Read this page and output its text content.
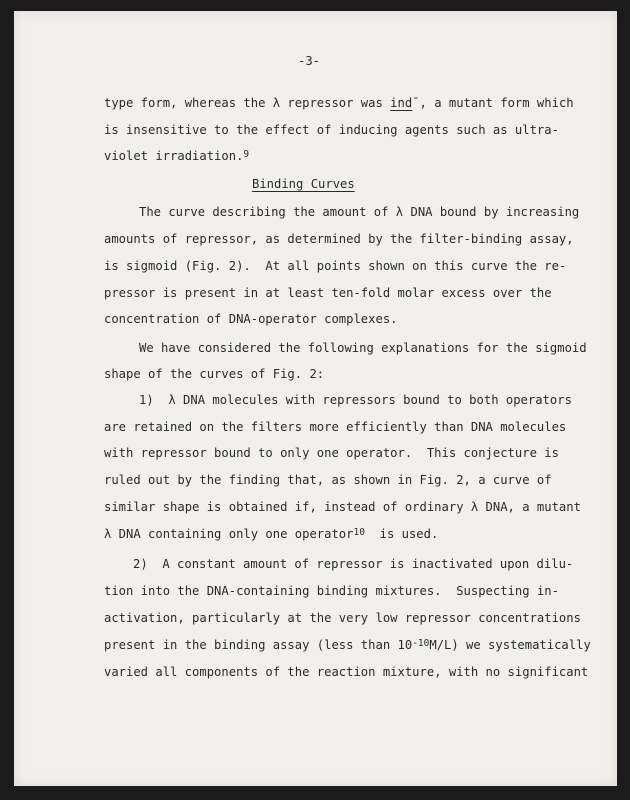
-3-
type form, whereas the λ repressor was ind¯, a mutant form which
is insensitive to the effect of inducing agents such as ultra-
violet irradiation.$^9$
Binding Curves
The curve describing the amount of λ DNA bound by increasing
amounts of repressor, as determined by the filter-binding assay,
is sigmoid (Fig. 2).  At all points shown on this curve the re-
pressor is present in at least ten-fold molar excess over the
concentration of DNA-operator complexes.
We have considered the following explanations for the sigmoid
shape of the curves of Fig. 2:
1)  λ DNA molecules with repressors bound to both operators
are retained on the filters more efficiently than DNA molecules
with repressor bound to only one operator.  This conjecture is
ruled out by the finding that, as shown in Fig. 2, a curve of
similar shape is obtained if, instead of ordinary λ DNA, a mutant
λ DNA containing only one operator$^{10}$  is used.
2)  A constant amount of repressor is inactivated upon dilu-
tion into the DNA-containing binding mixtures.  Suspecting in-
activation, particularly at the very low repressor concentrations
present in the binding assay (less than $10^{-10}M/L$) we systematically
varied all components of the reaction mixture, with no significant
